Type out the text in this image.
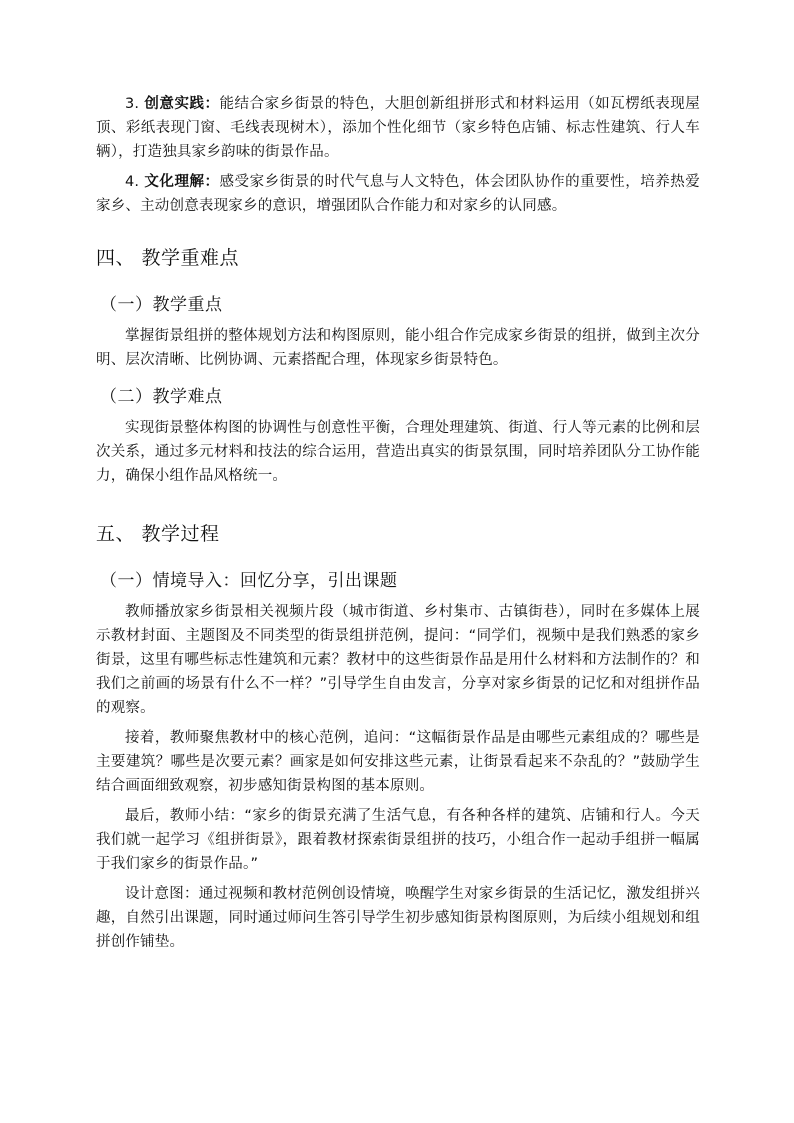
3. 创意实践：能结合家乡街景的特色，大胆创新组拼形式和材料运用（如瓦楞纸表现屋顶、彩纸表现门窗、毛线表现树木），添加个性化细节（家乡特色店铺、标志性建筑、行人车辆），打造独具家乡韵味的街景作品。

4. 文化理解：感受家乡街景的时代气息与人文特色，体会团队协作的重要性，培养热爱家乡、主动创意表现家乡的意识，增强团队合作能力和对家乡的认同感。

四、 教学重难点
（一）教学重点

掌握街景组拼的整体规划方法和构图原则，能小组合作完成家乡街景的组拼，做到主次分明、层次清晰、比例协调、元素搭配合理，体现家乡街景特色。

（二）教学难点

实现街景整体构图的协调性与创意性平衡，合理处理建筑、街道、行人等元素的比例和层次关系，通过多元材料和技法的综合运用，营造出真实的街景氛围，同时培养团队分工协作能力，确保小组作品风格统一。

五、 教学过程
（一）情境导入：回忆分享，引出课题

教师播放家乡街景相关视频片段（城市街道、乡村集市、古镇街巷），同时在多媒体上展示教材封面、主题图及不同类型的街景组拼范例，提问：“同学们，视频中是我们熟悉的家乡街景，这里有哪些标志性建筑和元素？教材中的这些街景作品是用什么材料和方法制作的？和我们之前画的场景有什么不一样？”引导学生自由发言，分享对家乡街景的记忆和对组拼作品的观察。

接着，教师聚焦教材中的核心范例，追问：“这幅街景作品是由哪些元素组成的？哪些是主要建筑？哪些是次要元素？画家是如何安排这些元素，让街景看起来不杂乱的？”鼓励学生结合画面细致观察，初步感知街景构图的基本原则。

最后，教师小结：“家乡的街景充满了生活气息，有各种各样的建筑、店铺和行人。今天我们就一起学习《组拼街景》，跟着教材探索街景组拼的技巧，小组合作一起动手组拼一幅属于我们家乡的街景作品。”

设计意图：通过视频和教材范例创设情境，唤醒学生对家乡街景的生活记忆，激发组拼兴趣，自然引出课题，同时通过师问生答引导学生初步感知街景构图原则，为后续小组规划和组拼创作铺垫。
